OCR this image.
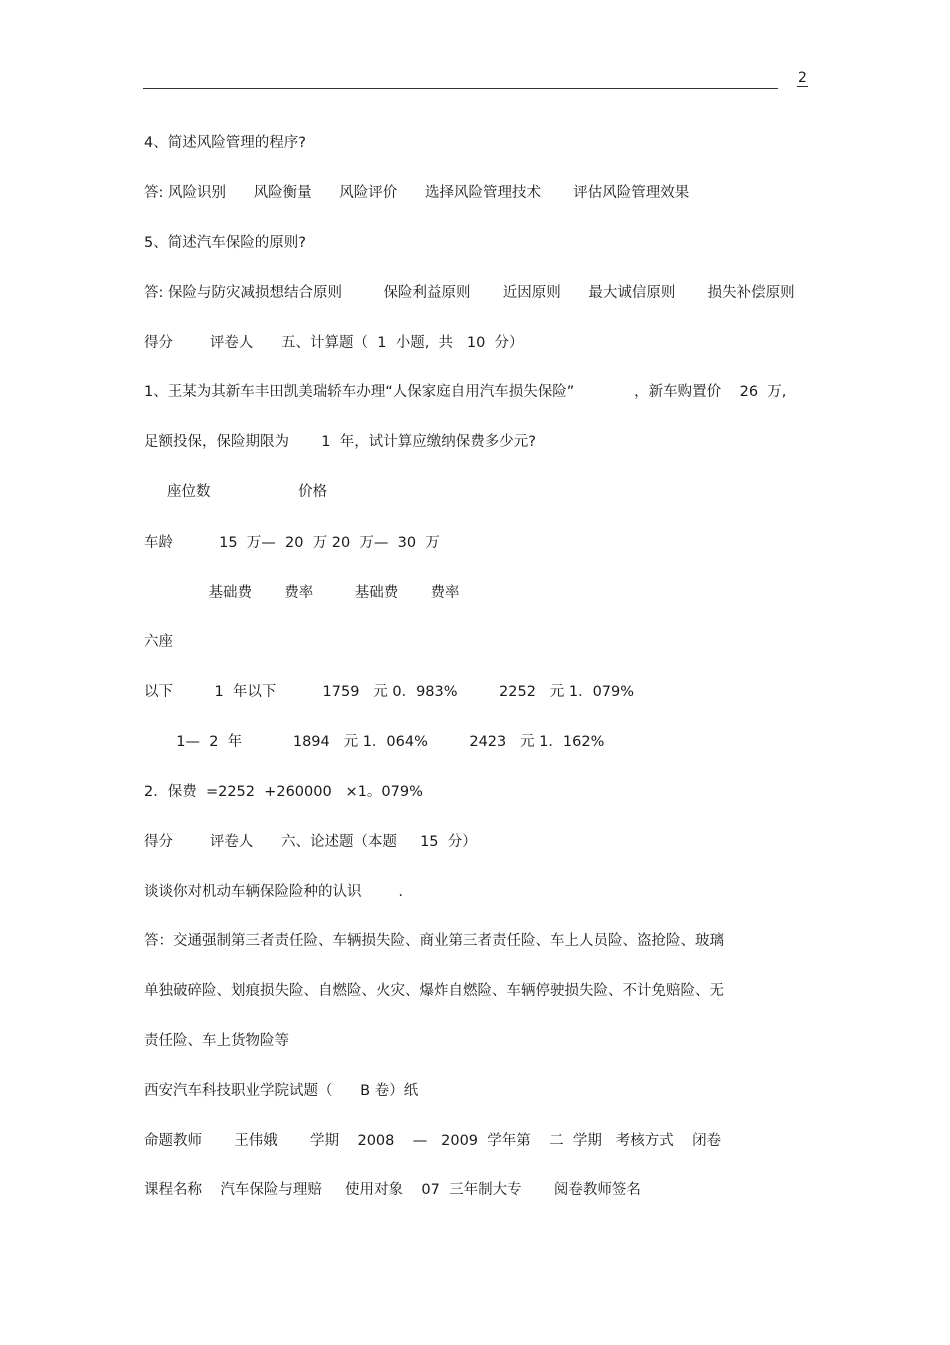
2

4、简述风险管理的程序?

答: 风险识别      风险衡量      风险评价      选择风险管理技术       评估风险管理效果

5、简述汽车保险的原则?

答: 保险与防灾减损想结合原则         保险利益原则       近因原则      最大诚信原则       损失补偿原则

得分        评卷人      五、计算题（  1  小题,  共   10  分）

1、王某为其新车丰田凯美瑞轿车办理“人保家庭自用汽车损失保险”             ，新车购置价    26  万,

足额投保，保险期限为       1  年，试计算应缴纳保费多少元?

座位数                   价格

车龄          15  万—  20  万 20  万—  30  万

基础费       费率         基础费       费率

六座

以下         1  年以下          1759   元 0．983%         2252   元 1．079%

1—  2  年           1894   元 1．064%         2423   元 1．162%

2．保费  =2252  +260000   ×1。079%

得分        评卷人      六、论述题（本题     15  分）

谈谈你对机动车辆保险险种的认识        .

答：交通强制第三者责任险、车辆损失险、商业第三者责任险、车上人员险、盗抢险、玻璃

单独破碎险、划痕损失险、自燃险、火灾、爆炸自燃险、车辆停驶损失险、不计免赔险、无

责任险、车上货物险等

西安汽车科技职业学院试题（      B 卷）纸

命题教师       王伟娥       学期    2008    —   2009  学年第    二  学期   考核方式    闭卷

课程名称    汽车保险与理赔     使用对象    07  三年制大专       阅卷教师签名
